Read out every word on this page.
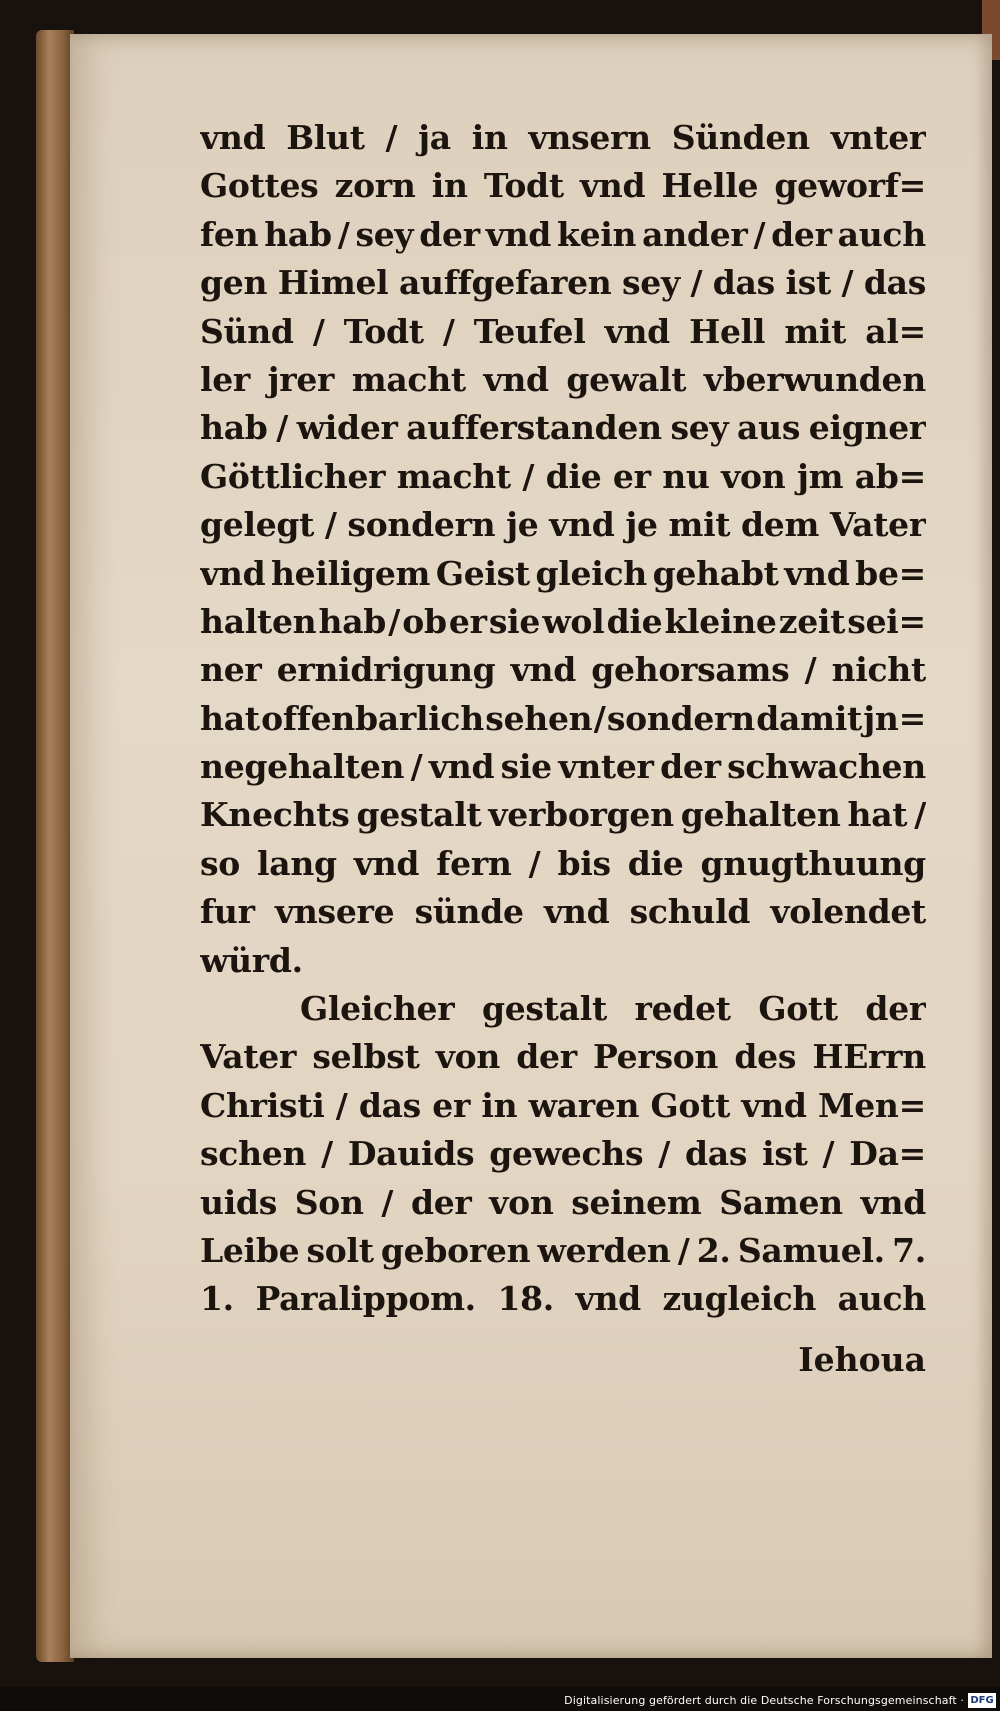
vnd Blut / ja in vnsern Sünden vnter
Gottes zorn in Todt vnd Helle geworf=
fen hab / sey der vnd kein ander / der auch
gen Himel auffgefaren sey / das ist / das
Sünd / Todt / Teufel vnd Hell mit al=
ler jrer macht vnd gewalt vberwunden
hab / wider aufferstanden sey aus eigner
Göttlicher macht / die er nu von jm ab=
gelegt / sondern je vnd je mit dem Vater
vnd heiligem Geist gleich gehabt vnd be=
halten hab / ob er sie wol die kleine zeit sei=
ner ernidrigung vnd gehorsams / nicht
hat offenbarlich sehen / sondern damit jn=
negehalten / vnd sie vnter der schwachen
Knechts gestalt verborgen gehalten hat /
so lang vnd fern / bis die gnugthuung
fur vnsere sünde vnd schuld volendet
würd.
Gleicher gestalt redet Gott der
Vater selbst von der Person des HErrn
Christi / das er in waren Gott vnd Men=
schen / Dauids gewechs / das ist / Da=
uids Son / der von seinem Samen vnd
Leibe solt geboren werden / 2. Samuel. 7.
1. Paralippom. 18. vnd zugleich auch
Iehoua
Digitalisierung gefördert durch die Deutsche Forschungsgemeinschaft · DFG
